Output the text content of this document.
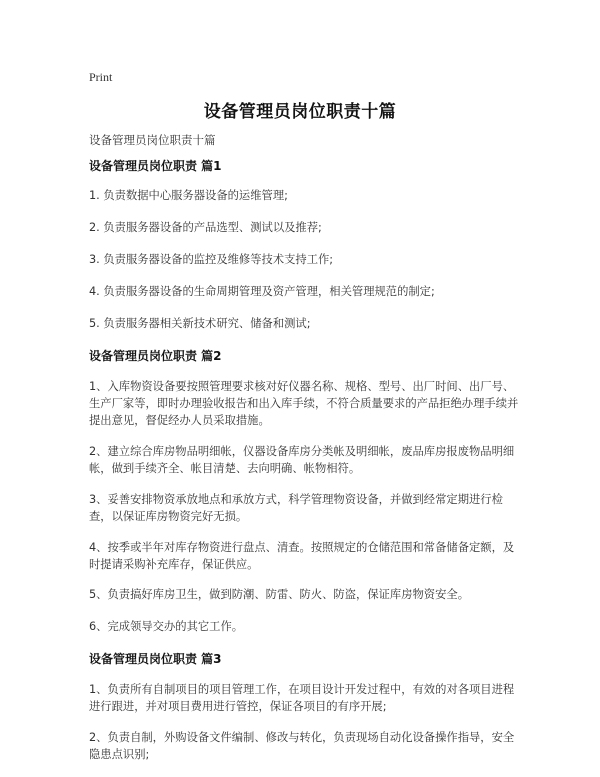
Print
设备管理员岗位职责十篇
设备管理员岗位职责十篇
设备管理员岗位职责 篇1
1. 负责数据中心服务器设备的运维管理;
2. 负责服务器设备的产品选型、测试以及推荐;
3. 负责服务器设备的监控及维修等技术支持工作;
4. 负责服务器设备的生命周期管理及资产管理，相关管理规范的制定;
5. 负责服务器相关新技术研究、储备和测试;
设备管理员岗位职责 篇2
1、入库物资设备要按照管理要求核对好仪器名称、规格、型号、出厂时间、出厂号、生产厂家等，即时办理验收报告和出入库手续，不符合质量要求的产品拒绝办理手续并提出意见，督促经办人员采取措施。
2、建立综合库房物品明细帐，仪器设备库房分类帐及明细帐，废品库房报废物品明细帐，做到手续齐全、帐目清楚、去向明确、帐物相符。
3、妥善安排物资承放地点和承放方式，科学管理物资设备，并做到经常定期进行检查，以保证库房物资完好无损。
4、按季或半年对库存物资进行盘点、清查。按照规定的仓储范围和常备储备定额，及时提请采购补充库存，保证供应。
5、负责搞好库房卫生，做到防潮、防雷、防火、防盗，保证库房物资安全。
6、完成领导交办的其它工作。
设备管理员岗位职责 篇3
1、负责所有自制项目的项目管理工作，在项目设计开发过程中，有效的对各项目进程进行跟进，并对项目费用进行管控，保证各项目的有序开展;
2、负责自制，外购设备文件编制、修改与转化，负责现场自动化设备操作指导，安全隐患点识别;
